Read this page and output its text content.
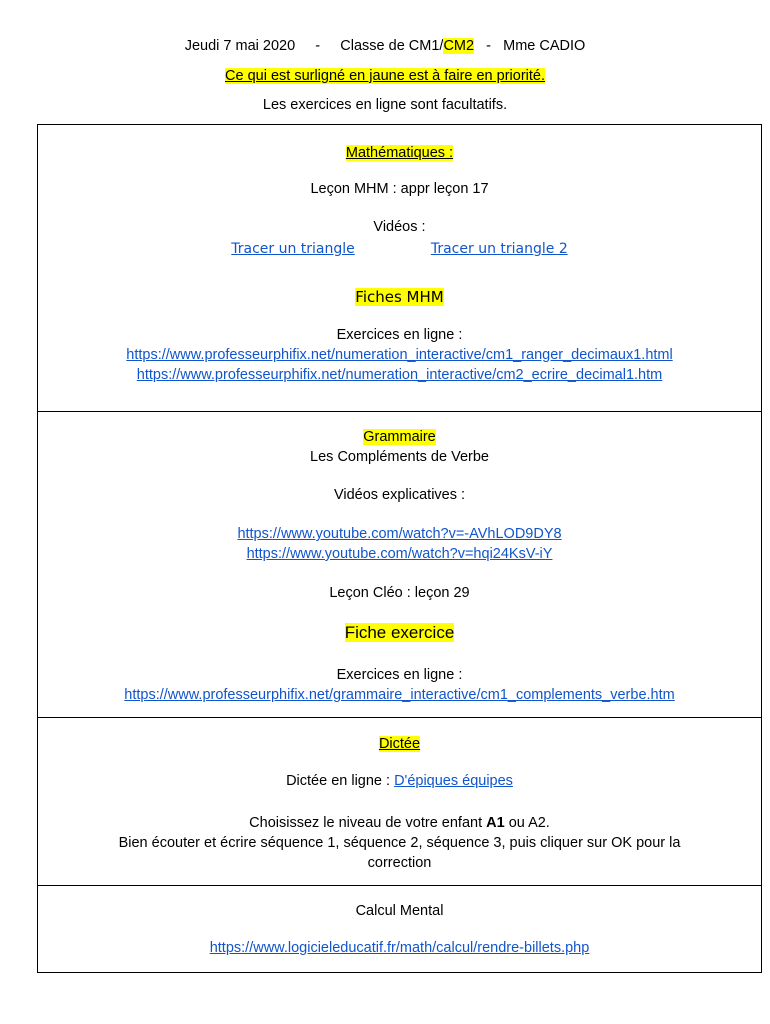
Jeudi 7 mai 2020 - Classe de CM1/CM2 - Mme CADIO
Ce qui est surligné en jaune est à faire en priorité.
Les exercices en ligne sont facultatifs.
Mathématiques :
Leçon MHM : appr leçon 17
Vidéos :
Tracer un triangle	Tracer un triangle 2
Fiches MHM
Exercices en ligne :
https://www.professeurphifix.net/numeration_interactive/cm1_ranger_decimaux1.html
https://www.professeurphifix.net/numeration_interactive/cm2_ecrire_decimal1.htm
Grammaire
Les Compléments de Verbe
Vidéos explicatives :
https://www.youtube.com/watch?v=-AVhLOD9DY8
https://www.youtube.com/watch?v=hqi24KsV-iY
Leçon Cléo : leçon 29
Fiche exercice
Exercices en ligne :
https://www.professeurphifix.net/grammaire_interactive/cm1_complements_verbe.htm
Dictée
Dictée en ligne : D'épiques équipes
Choisissez le niveau de votre enfant A1 ou A2.
Bien écouter et écrire séquence 1, séquence 2, séquence 3, puis cliquer sur OK pour la
correction
Calcul Mental
https://www.logicieleducatif.fr/math/calcul/rendre-billets.php
